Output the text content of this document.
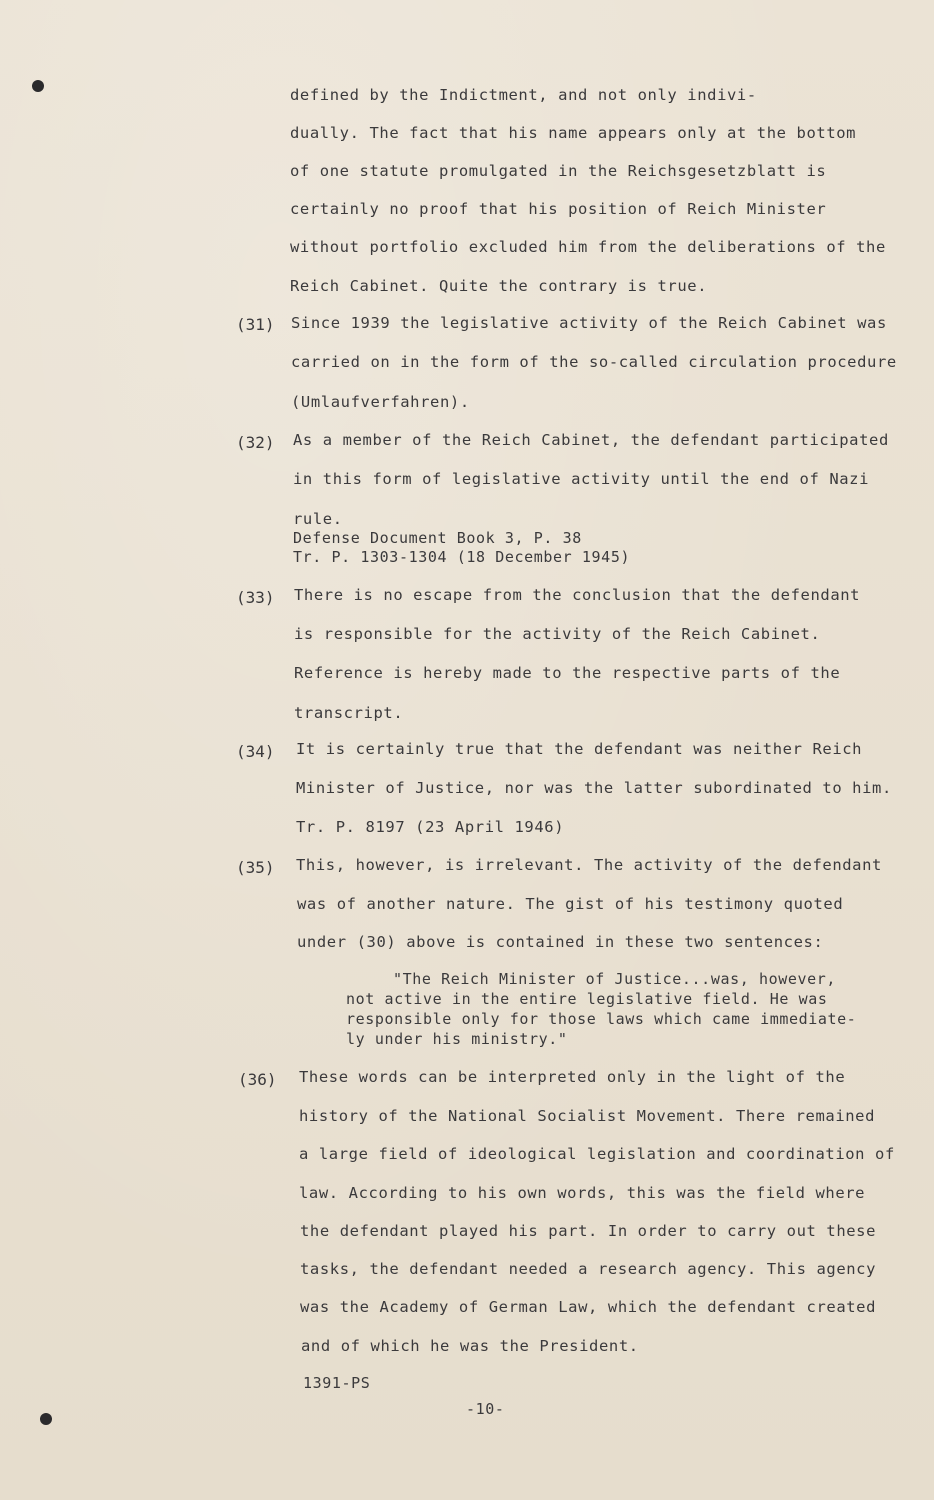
defined by the Indictment, and not only indivi-
dually. The fact that his name appears only at the bottom
of one statute promulgated in the Reichsgesetzblatt is
certainly no proof that his position of Reich Minister
without portfolio excluded him from the deliberations of the
Reich Cabinet. Quite the contrary is true.
(31) Since 1939 the legislative activity of the Reich Cabinet was
carried on in the form of the so-called circulation procedure
(Umlaufverfahren).
(32) As a member of the Reich Cabinet, the defendant participated
in this form of legislative activity until the end of Nazi
rule.
Defense Document Book 3, P. 38
Tr. P. 1303-1304 (18 December 1945)
(33) There is no escape from the conclusion that the defendant
is responsible for the activity of the Reich Cabinet.
Reference is hereby made to the respective parts of the
transcript.
(34) It is certainly true that the defendant was neither Reich
Minister of Justice, nor was the latter subordinated to him.
Tr. P. 8197 (23 April 1946)
(35) This, however, is irrelevant. The activity of the defendant
was of another nature. The gist of his testimony quoted
under (30) above is contained in these two sentences:
"The Reich Minister of Justice...was, however,
not active in the entire legislative field. He was
responsible only for those laws which came immediate-
ly under his ministry."
(36) These words can be interpreted only in the light of the
history of the National Socialist Movement. There remained
a large field of ideological legislation and coordination of
law. According to his own words, this was the field where
the defendant played his part. In order to carry out these
tasks, the defendant needed a research agency. This agency
was the Academy of German Law, which the defendant created
and of which he was the President.
1391-PS
-10-
